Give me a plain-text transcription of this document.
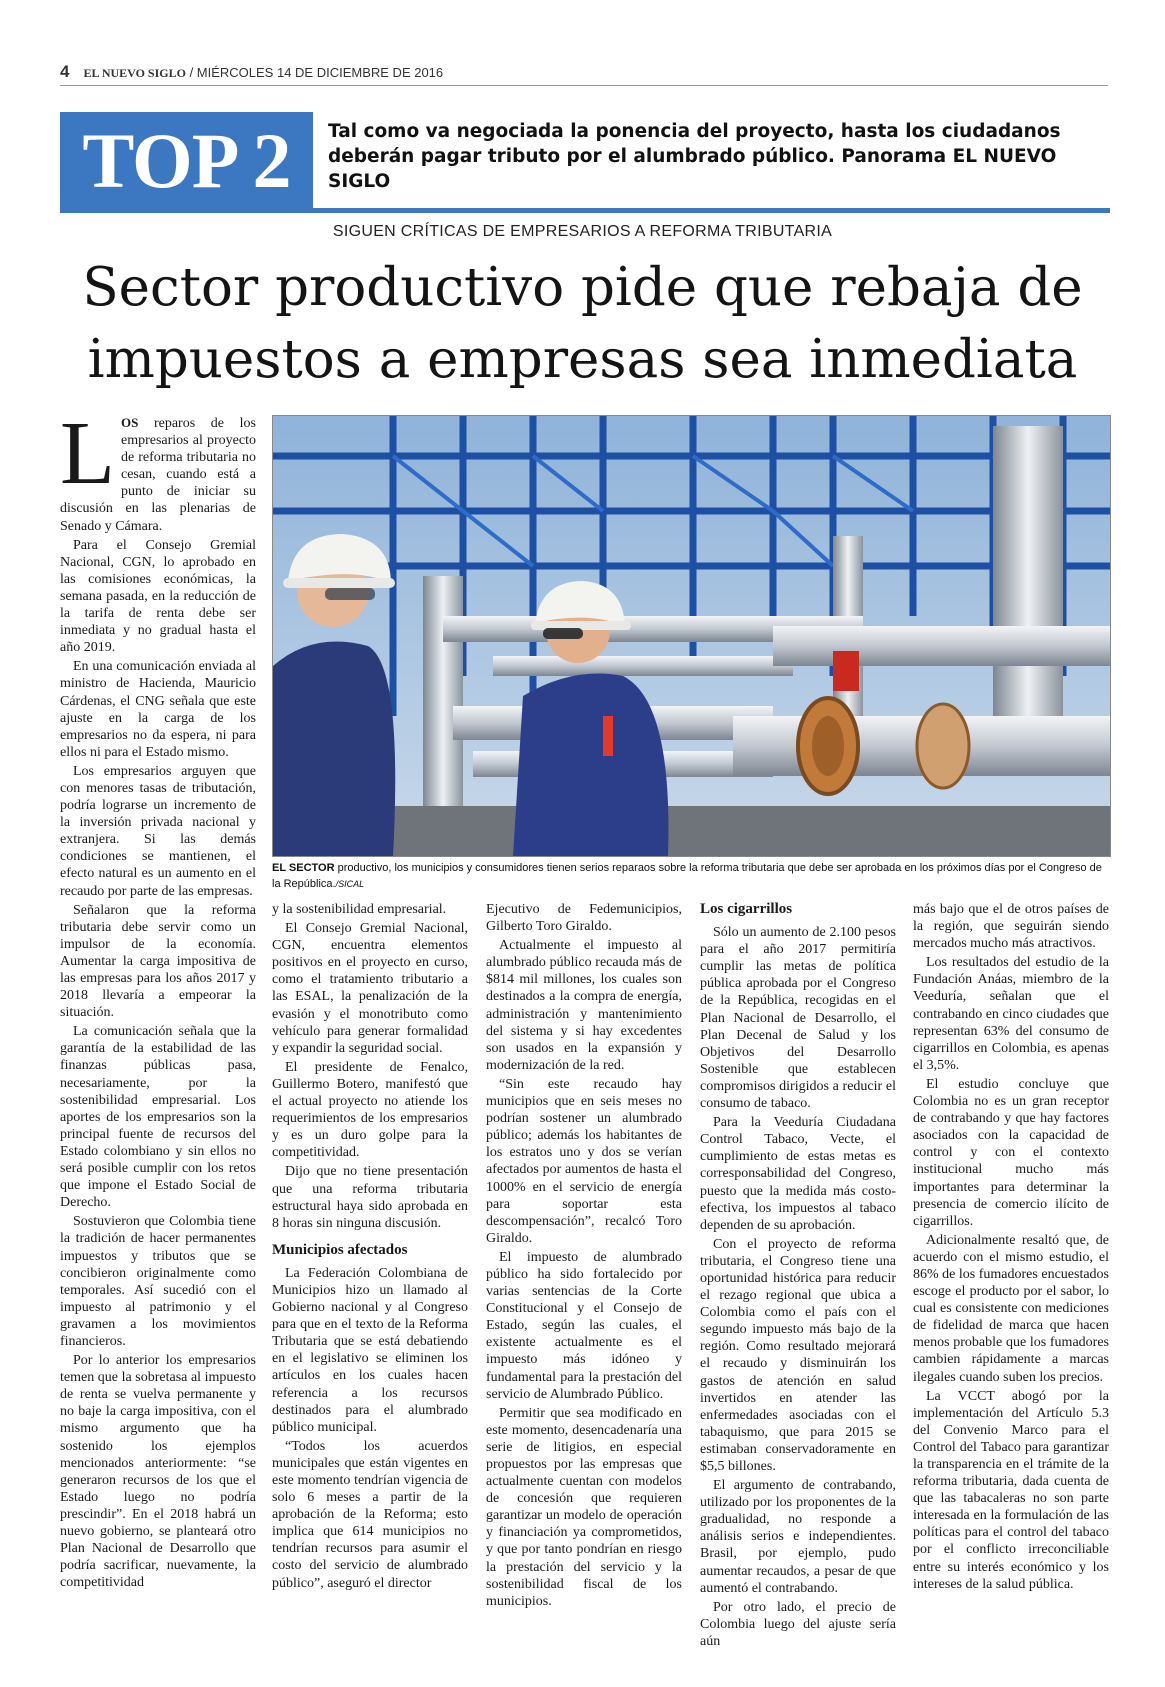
4 EL NUEVO SIGLO / MIÉRCOLES 14 DE DICIEMBRE DE 2016
TOP 2	Tal como va negociada la ponencia del proyecto, hasta los ciudadanos deberán pagar tributo por el alumbrado público. Panorama EL NUEVO SIGLO
SIGUEN CRÍTICAS DE EMPRESARIOS A REFORMA TRIBUTARIA
Sector productivo pide que rebaja de impuestos a empresas sea inmediata
EL SECTOR productivo, los municipios y consumidores tienen serios reparaos sobre la reforma tributaria que debe ser aprobada en los próximos días por el Congreso de la República./SICAL

LOS reparos de los empresarios al proyecto de reforma tributaria no cesan, cuando está a punto de iniciar su discusión en las plenarias de Senado y Cámara.

Para el Consejo Gremial Nacional, CGN, lo aprobado en las comisiones económicas, la semana pasada, en la reducción de la tarifa de renta debe ser inmediata y no gradual hasta el año 2019.

En una comunicación enviada al ministro de Hacienda, Mauricio Cárdenas, el CNG señala que este ajuste en la carga de los empresarios no da espera, ni para ellos ni para el Estado mismo.

Los empresarios arguyen que con menores tasas de tributación, podría lograrse un incremento de la inversión privada nacional y extranjera. Si las demás condiciones se mantienen, el efecto natural es un aumento en el recaudo por parte de las empresas.

Señalaron que la reforma tributaria debe servir como un impulsor de la economía. Aumentar la carga impositiva de las empresas para los años 2017 y 2018 llevaría a empeorar la situación.

La comunicación señala que la garantía de la estabilidad de las finanzas públicas pasa, necesariamente, por la sostenibilidad empresarial. Los aportes de los empresarios son la principal fuente de recursos del Estado colombiano y sin ellos no será posible cumplir con los retos que impone el Estado Social de Derecho.

Sostuvieron que Colombia tiene la tradición de hacer permanentes impuestos y tributos que se concibieron originalmente como temporales. Así sucedió con el impuesto al patrimonio y el gravamen a los movimientos financieros.

Por lo anterior los empresarios temen que la sobretasa al impuesto de renta se vuelva permanente y no baje la carga impositiva, con el mismo argumento que ha sostenido los ejemplos mencionados anteriormente: “se generaron recursos de los que el Estado luego no podría prescindir”. En el 2018 habrá un nuevo gobierno, se planteará otro Plan Nacional de Desarrollo que podría sacrificar, nuevamente, la competitividad

y la sostenibilidad empresarial.

El Consejo Gremial Nacional, CGN, encuentra elementos positivos en el proyecto en curso, como el tratamiento tributario a las ESAL, la penalización de la evasión y el monotributo como vehículo para generar formalidad y expandir la seguridad social.

El presidente de Fenalco, Guillermo Botero, manifestó que el actual proyecto no atiende los requerimientos de los empresarios y es un duro golpe para la competitividad.

Dijo que no tiene presentación que una reforma tributaria estructural haya sido aprobada en 8 horas sin ninguna discusión.

Municipios afectados

La Federación Colombiana de Municipios hizo un llamado al Gobierno nacional y al Congreso para que en el texto de la Reforma Tributaria que se está debatiendo en el legislativo se eliminen los artículos en los cuales hacen referencia a los recursos destinados para el alumbrado público municipal.

“Todos los acuerdos municipales que están vigentes en este momento tendrían vigencia de solo 6 meses a partir de la aprobación de la Reforma; esto implica que 614 municipios no tendrían recursos para asumir el costo del servicio de alumbrado público”, aseguró el director

Ejecutivo de Fedemunicipios, Gilberto Toro Giraldo.

Actualmente el impuesto al alumbrado público recauda más de $814 mil millones, los cuales son destinados a la compra de energía, administración y mantenimiento del sistema y si hay excedentes son usados en la expansión y modernización de la red.

“Sin este recaudo hay municipios que en seis meses no podrían sostener un alumbrado público; además los habitantes de los estratos uno y dos se verían afectados por aumentos de hasta el 1000% en el servicio de energía para soportar esta descompensación”, recalcó Toro Giraldo.

El impuesto de alumbrado público ha sido fortalecido por varias sentencias de la Corte Constitucional y el Consejo de Estado, según las cuales, el existente actualmente es el impuesto más idóneo y fundamental para la prestación del servicio de Alumbrado Público.

Permitir que sea modificado en este momento, desencadenaría una serie de litigios, en especial propuestos por las empresas que actualmente cuentan con modelos de concesión que requieren garantizar un modelo de operación y financiación ya comprometidos, y que por tanto pondrían en riesgo la prestación del servicio y la sostenibilidad fiscal de los municipios.

Los cigarrillos

Sólo un aumento de 2.100 pesos para el año 2017 permitiría cumplir las metas de política pública aprobada por el Congreso de la República, recogidas en el Plan Nacional de Desarrollo, el Plan Decenal de Salud y los Objetivos del Desarrollo Sostenible que establecen compromisos dirigidos a reducir el consumo de tabaco.

Para la Veeduría Ciudadana Control Tabaco, Vecte, el cumplimiento de estas metas es corresponsabilidad del Congreso, puesto que la medida más costo-efectiva, los impuestos al tabaco dependen de su aprobación.

Con el proyecto de reforma tributaria, el Congreso tiene una oportunidad histórica para reducir el rezago regional que ubica a Colombia como el país con el segundo impuesto más bajo de la región. Como resultado mejorará el recaudo y disminuirán los gastos de atención en salud invertidos en atender las enfermedades asociadas con el tabaquismo, que para 2015 se estimaban conservadoramente en $5,5 billones.

El argumento de contrabando, utilizado por los proponentes de la gradualidad, no responde a análisis serios e independientes. Brasil, por ejemplo, pudo aumentar recaudos, a pesar de que aumentó el contrabando.

Por otro lado, el precio de Colombia luego del ajuste sería aún

más bajo que el de otros países de la región, que seguirán siendo mercados mucho más atractivos.

Los resultados del estudio de la Fundación Anáas, miembro de la Veeduría, señalan que el contrabando en cinco ciudades que representan 63% del consumo de cigarrillos en Colombia, es apenas el 3,5%.

El estudio concluye que Colombia no es un gran receptor de contrabando y que hay factores asociados con la capacidad de control y con el contexto institucional mucho más importantes para determinar la presencia de comercio ilícito de cigarrillos.

Adicionalmente resaltó que, de acuerdo con el mismo estudio, el 86% de los fumadores encuestados escoge el producto por el sabor, lo cual es consistente con mediciones de fidelidad de marca que hacen menos probable que los fumadores cambien rápidamente a marcas ilegales cuando suben los precios.

La VCCT abogó por la implementación del Artículo 5.3 del Convenio Marco para el Control del Tabaco para garantizar la transparencia en el trámite de la reforma tributaria, dada cuenta de que las tabacaleras no son parte interesada en la formulación de las políticas para el control del tabaco por el conflicto irreconciliable entre su interés económico y los intereses de la salud pública.
